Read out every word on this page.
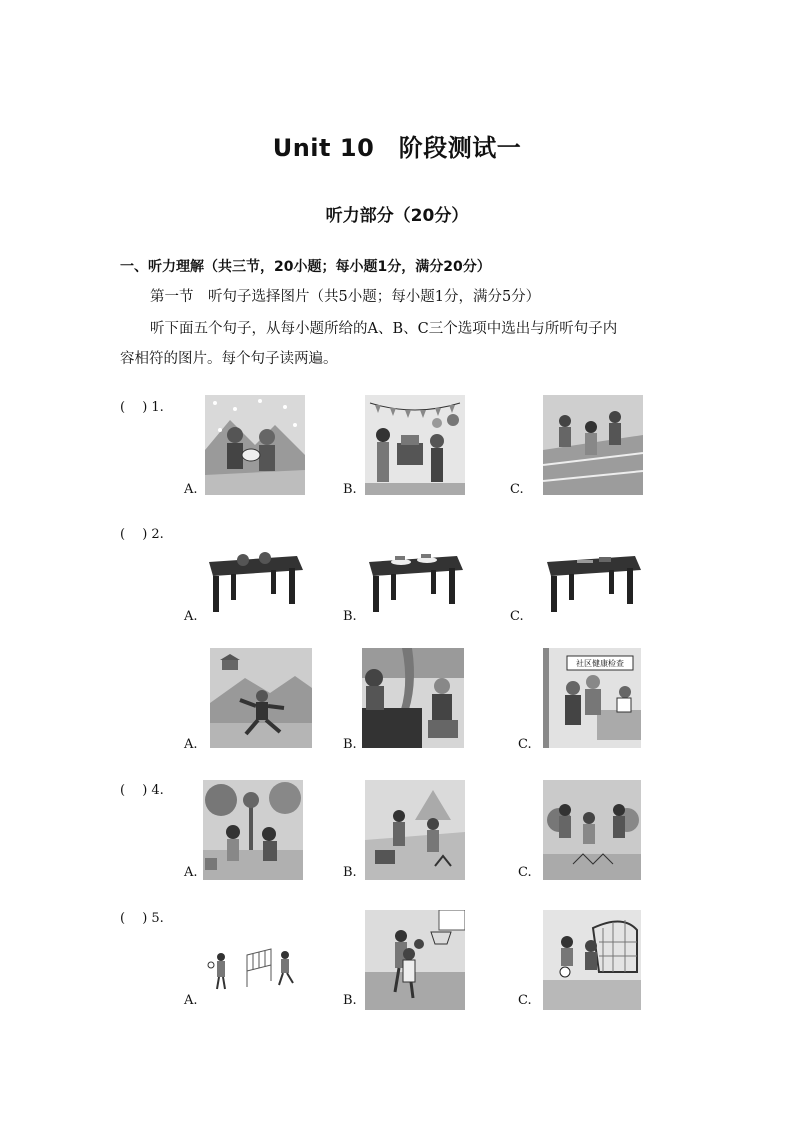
Unit 10　阶段测试一
听力部分（20分）
一、听力理解（共三节，20小题；每小题1分，满分20分）
第一节　听句子选择图片（共5小题；每小题1分，满分5分）
听下面五个句子，从每小题所给的A、B、C三个选项中选出与所听句子内
容相符的图片。每个句子读两遍。
(　 ) 1.
A.	B.	C.
(　 ) 2.
A.	B.	C.
A.	B.	C.
社区健康检查
(　 ) 4.
A.	B.	C.
(　 ) 5.
A.	B.	C.
